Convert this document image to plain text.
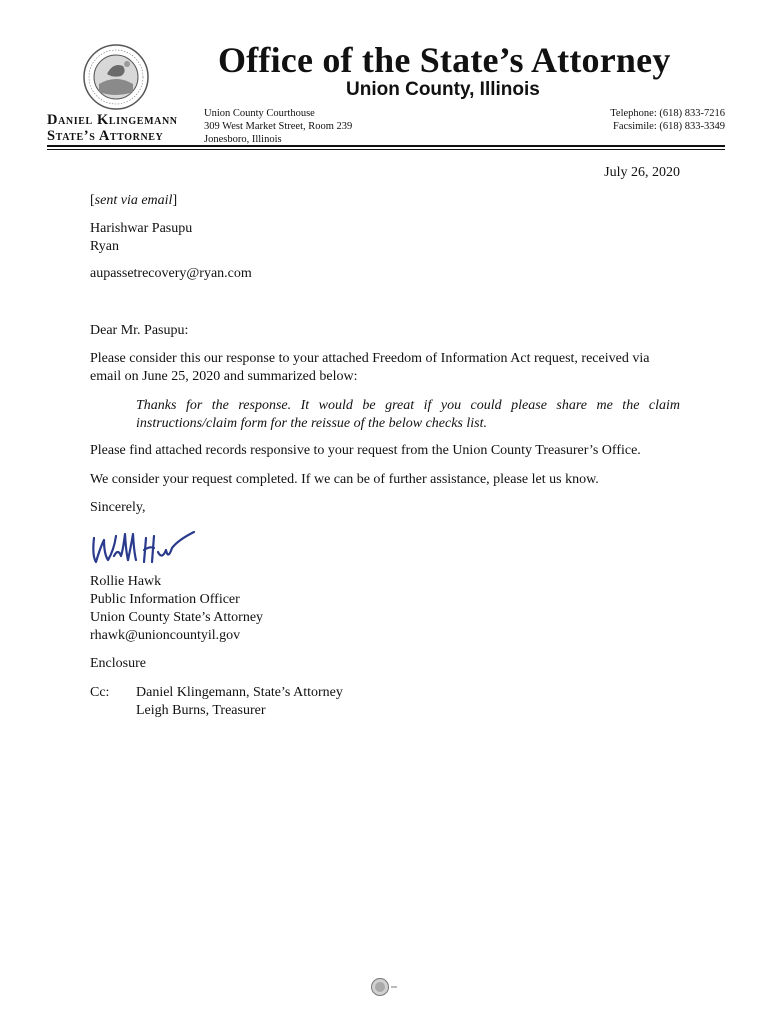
Office of the State’s Attorney
Union County, Illinois
Daniel Klingemann
State’s Attorney
Union County Courthouse
309 West Market Street, Room 239
Jonesboro, Illinois
Telephone: (618) 833-7216
Facsimile: (618) 833-3349
July 26, 2020
[sent via email]
Harishwar Pasupu
Ryan
aupassetrecovery@ryan.com
Dear Mr. Pasupu:
Please consider this our response to your attached Freedom of Information Act request, received via email on June 25, 2020 and summarized below:
Thanks for the response. It would be great if you could please share me the claim instructions/claim form for the reissue of the below checks list.
Please find attached records responsive to your request from the Union County Treasurer’s Office.
We consider your request completed. If we can be of further assistance, please let us know.
Sincerely,
Rollie Hawk
Public Information Officer
Union County State’s Attorney
rhawk@unioncountyil.gov
Enclosure
Cc: Daniel Klingemann, State’s Attorney
Leigh Burns, Treasurer
